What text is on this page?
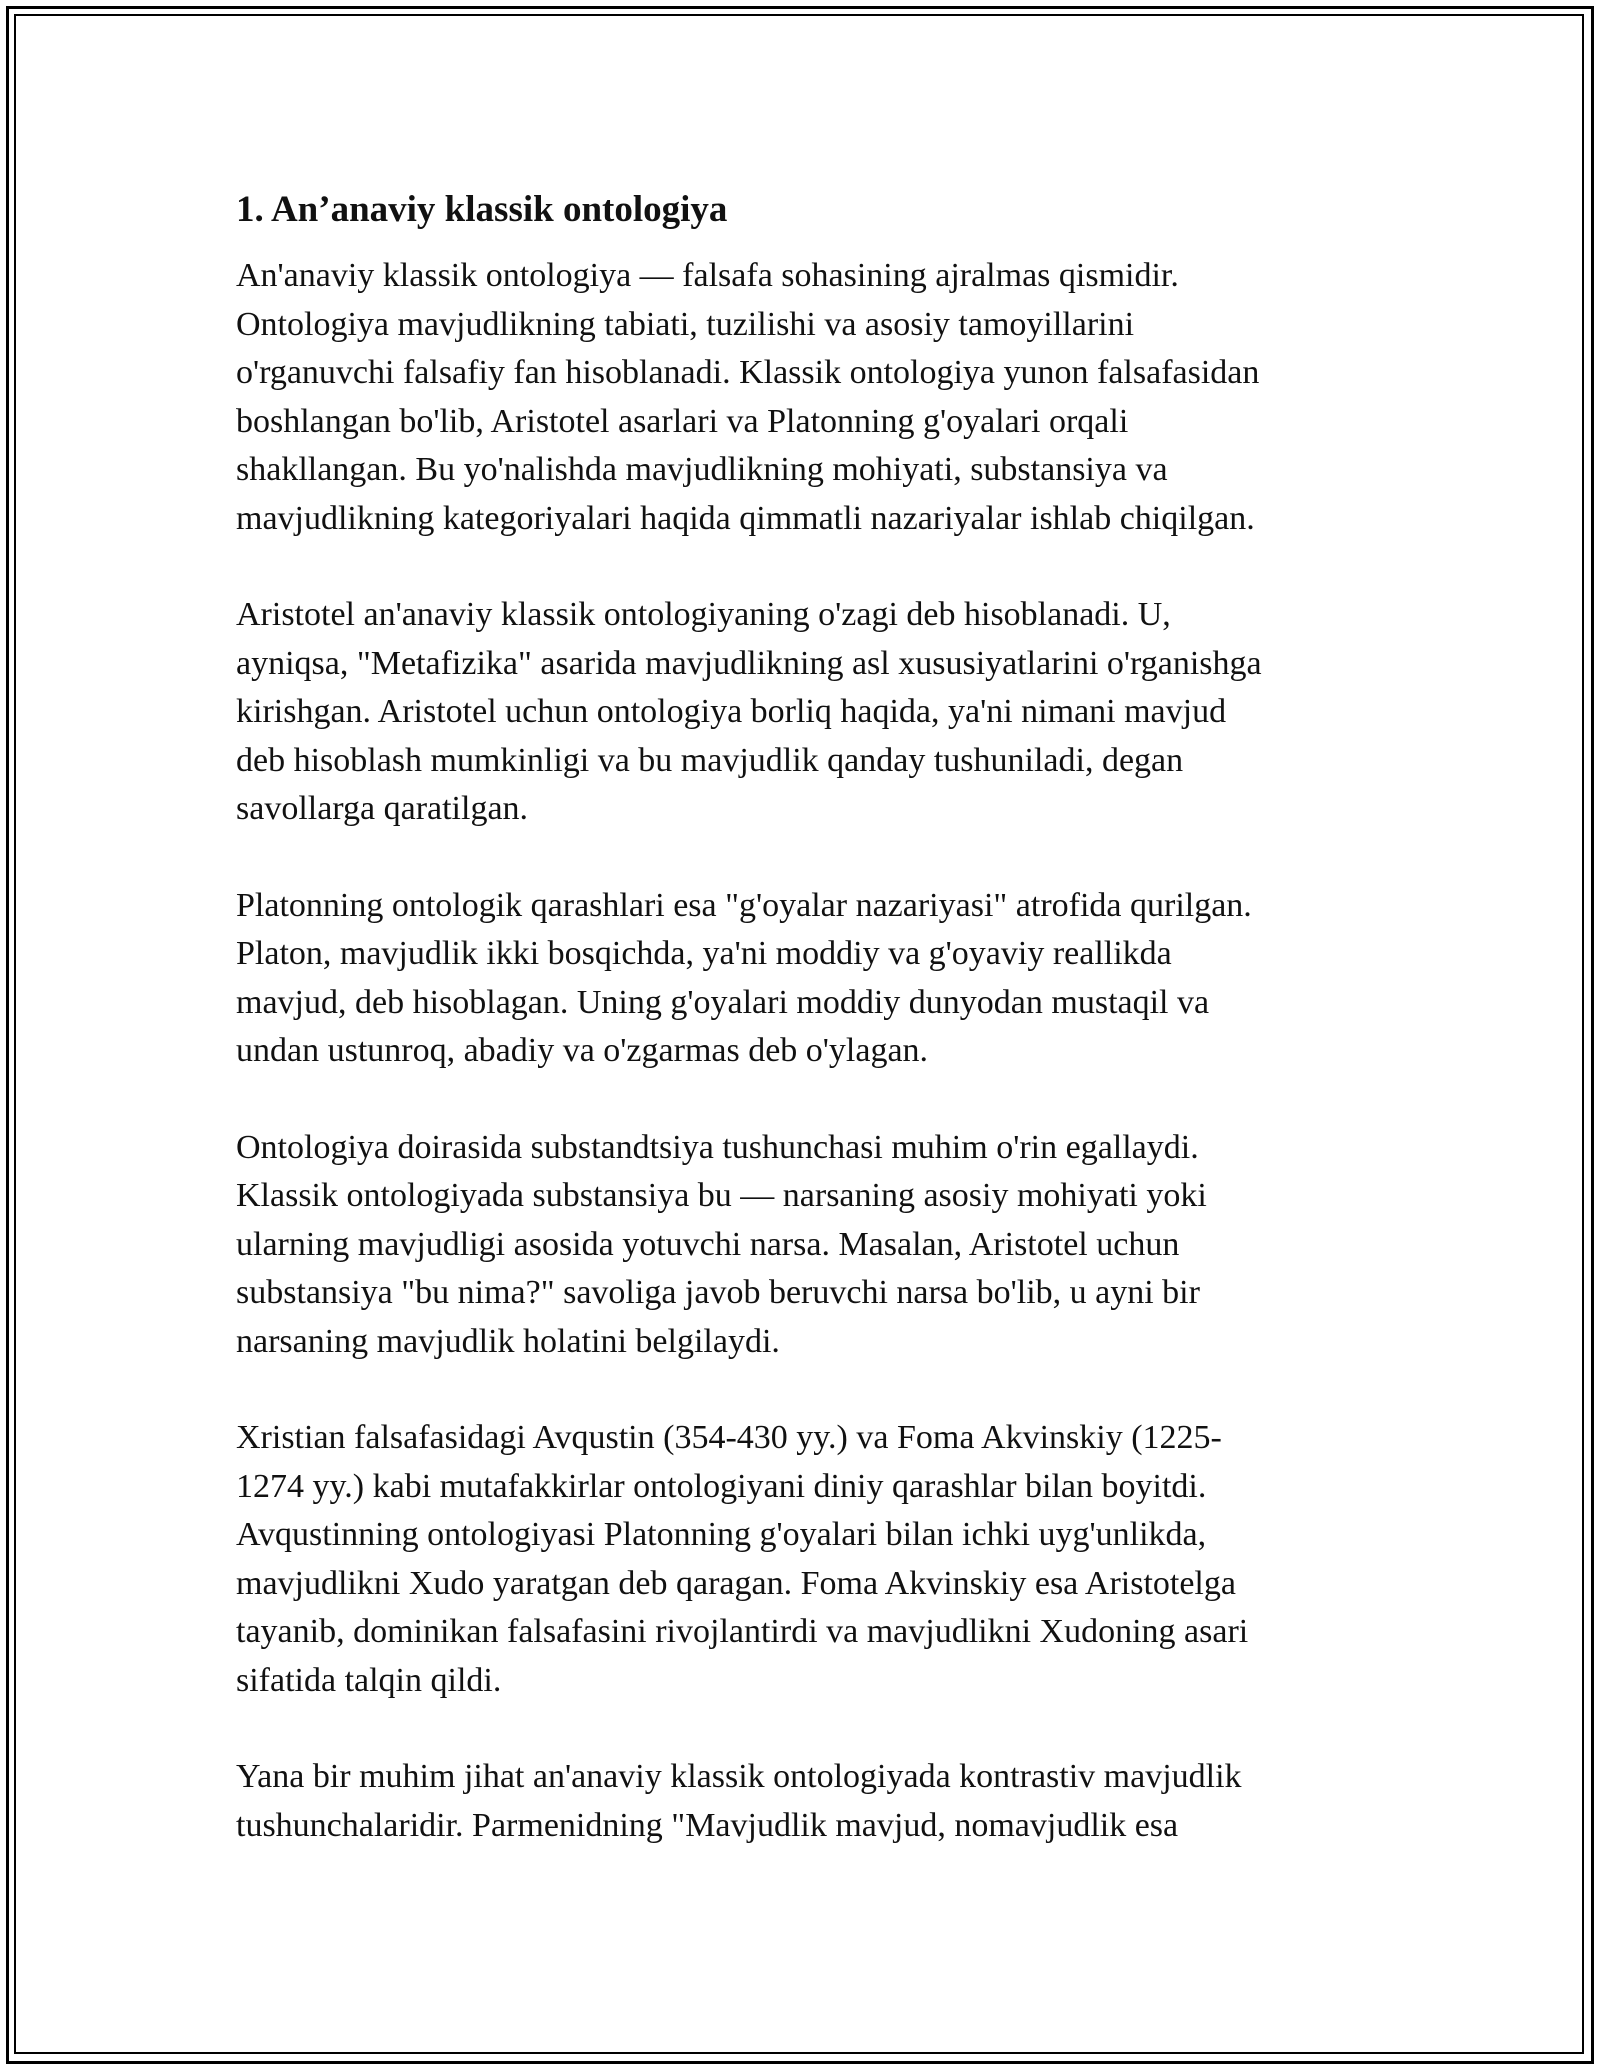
1. An’anaviy klassik ontologiya
An'anaviy klassik ontologiya — falsafa sohasining ajralmas qismidir.
Ontologiya mavjudlikning tabiati, tuzilishi va asosiy tamoyillarini
o'rganuvchi falsafiy fan hisoblanadi. Klassik ontologiya yunon falsafasidan
boshlangan bo'lib, Aristotel asarlari va Platonning g'oyalari orqali
shakllangan. Bu yo'nalishda mavjudlikning mohiyati, substansiya va
mavjudlikning kategoriyalari haqida qimmatli nazariyalar ishlab chiqilgan.
Aristotel an'anaviy klassik ontologiyaning o'zagi deb hisoblanadi. U,
ayniqsa, "Metafizika" asarida mavjudlikning asl xususiyatlarini o'rganishga
kirishgan. Aristotel uchun ontologiya borliq haqida, ya'ni nimani mavjud
deb hisoblash mumkinligi va bu mavjudlik qanday tushuniladi, degan
savollarga qaratilgan.
Platonning ontologik qarashlari esa "g'oyalar nazariyasi" atrofida qurilgan.
Platon, mavjudlik ikki bosqichda, ya'ni moddiy va g'oyaviy reallikda
mavjud, deb hisoblagan. Uning g'oyalari moddiy dunyodan mustaqil va
undan ustunroq, abadiy va o'zgarmas deb o'ylagan.
Ontologiya doirasida substandtsiya tushunchasi muhim o'rin egallaydi.
Klassik ontologiyada substansiya bu — narsaning asosiy mohiyati yoki
ularning mavjudligi asosida yotuvchi narsa. Masalan, Aristotel uchun
substansiya "bu nima?" savoliga javob beruvchi narsa bo'lib, u ayni bir
narsaning mavjudlik holatini belgilaydi.
Xristian falsafasidagi Avqustin (354-430 yy.) va Foma Akvinskiy (1225-
1274 yy.) kabi mutafakkirlar ontologiyani diniy qarashlar bilan boyitdi.
Avqustinning ontologiyasi Platonning g'oyalari bilan ichki uyg'unlikda,
mavjudlikni Xudo yaratgan deb qaragan. Foma Akvinskiy esa Aristotelga
tayanib, dominikan falsafasini rivojlantirdi va mavjudlikni Xudoning asari
sifatida talqin qildi.
Yana bir muhim jihat an'anaviy klassik ontologiyada kontrastiv mavjudlik
tushunchalaridir. Parmenidning "Mavjudlik mavjud, nomavjudlik esa
